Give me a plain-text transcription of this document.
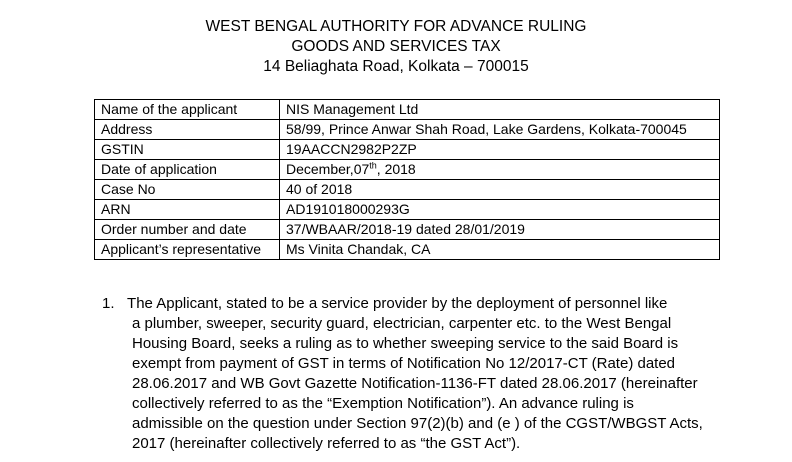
WEST BENGAL AUTHORITY FOR ADVANCE RULING
GOODS AND SERVICES TAX
14 Beliaghata Road, Kolkata – 700015
Name of the applicant	NIS Management Ltd
Address	58/99, Prince Anwar Shah Road, Lake Gardens, Kolkata-700045
GSTIN	19AACCN2982P2ZP
Date of application	December,07th, 2018
Case No	40 of 2018
ARN	AD191018000293G
Order number and date	37/WBAAR/2018-19 dated 28/01/2019
Applicant’s representative	Ms Vinita Chandak, CA
1. The Applicant, stated to be a service provider by the deployment of personnel like
a plumber, sweeper, security guard, electrician, carpenter etc. to the West Bengal
Housing Board, seeks a ruling as to whether sweeping service to the said Board is
exempt from payment of GST in terms of Notification No 12/2017-CT (Rate) dated
28.06.2017 and WB Govt Gazette Notification-1136-FT dated 28.06.2017 (hereinafter
collectively referred to as the “Exemption Notification”). An advance ruling is
admissible on the question under Section 97(2)(b) and (e ) of the CGST/WBGST Acts,
2017 (hereinafter collectively referred to as “the GST Act”).
